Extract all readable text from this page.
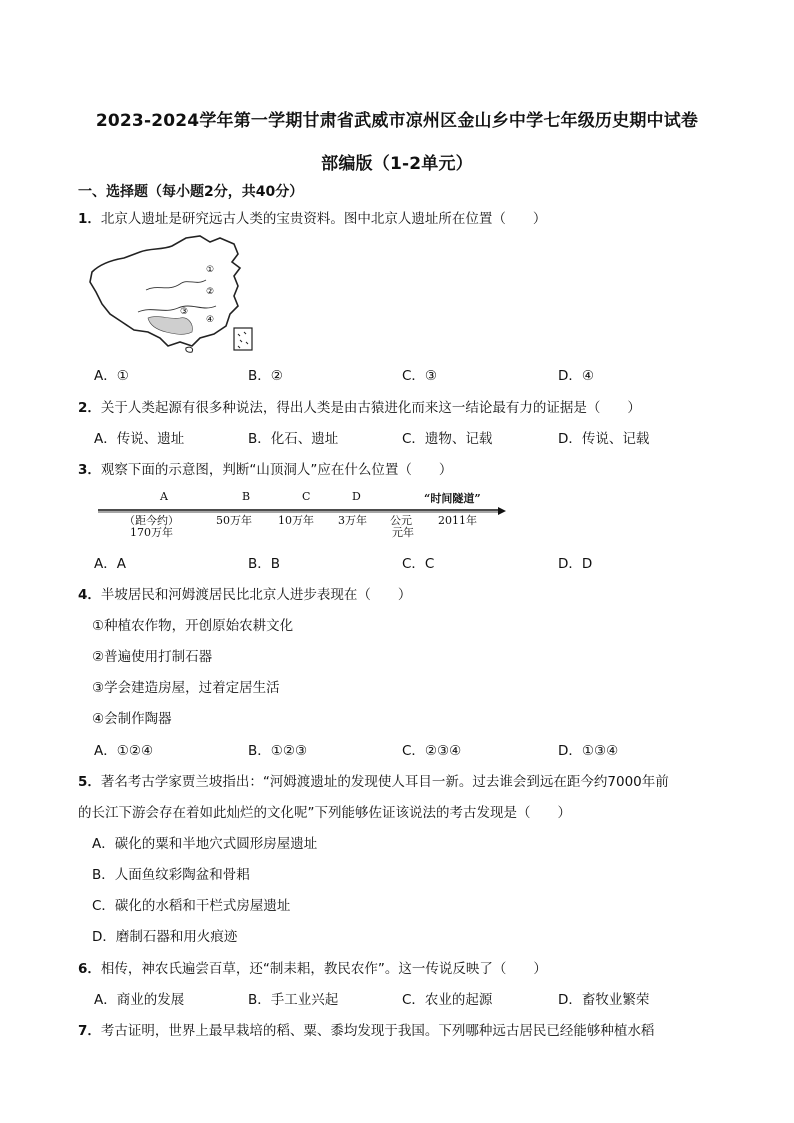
2023-2024学年第一学期甘肃省武威市凉州区金山乡中学七年级历史期中试卷
部编版（1-2单元）
一、选择题（每小题2分，共40分）
1．北京人遗址是研究远古人类的宝贵资料。图中北京人遗址所在位置（　　）
①
②
③
④
A．①	B．②	C．③	D．④
2．关于人类起源有很多种说法，得出人类是由古猿进化而来这一结论最有力的证据是（　　）
A．传说、遗址	B．化石、遗址	C．遗物、记载	D．传说、记载
3．观察下面的示意图，判断“山顶洞人”应在什么位置（　　）
A	B	C	D	“时间隧道”
（距今约）	50万年 10万年 3万年 公元 2011年
170万年	元年
A．A	B．B	C．C	D．D
4．半坡居民和河姆渡居民比北京人进步表现在（　　）
①种植农作物，开创原始农耕文化
②普遍使用打制石器
③学会建造房屋，过着定居生活
④会制作陶器
A．①②④	B．①②③	C．②③④	D．①③④
5．著名考古学家贾兰坡指出：“河姆渡遗址的发现使人耳目一新。过去谁会到远在距今约7000年前
的长江下游会存在着如此灿烂的文化呢”下列能够佐证该说法的考古发现是（　　）
A．碳化的粟和半地穴式圆形房屋遗址
B．人面鱼纹彩陶盆和骨耜
C．碳化的水稻和干栏式房屋遗址
D．磨制石器和用火痕迹
6．相传，神农氏遍尝百草，还“制耒耜，教民农作”。这一传说反映了（　　）
A．商业的发展	B．手工业兴起	C．农业的起源	D．畜牧业繁荣
7．考古证明，世界上最早栽培的稻、粟、黍均发现于我国。下列哪种远古居民已经能够种植水稻
